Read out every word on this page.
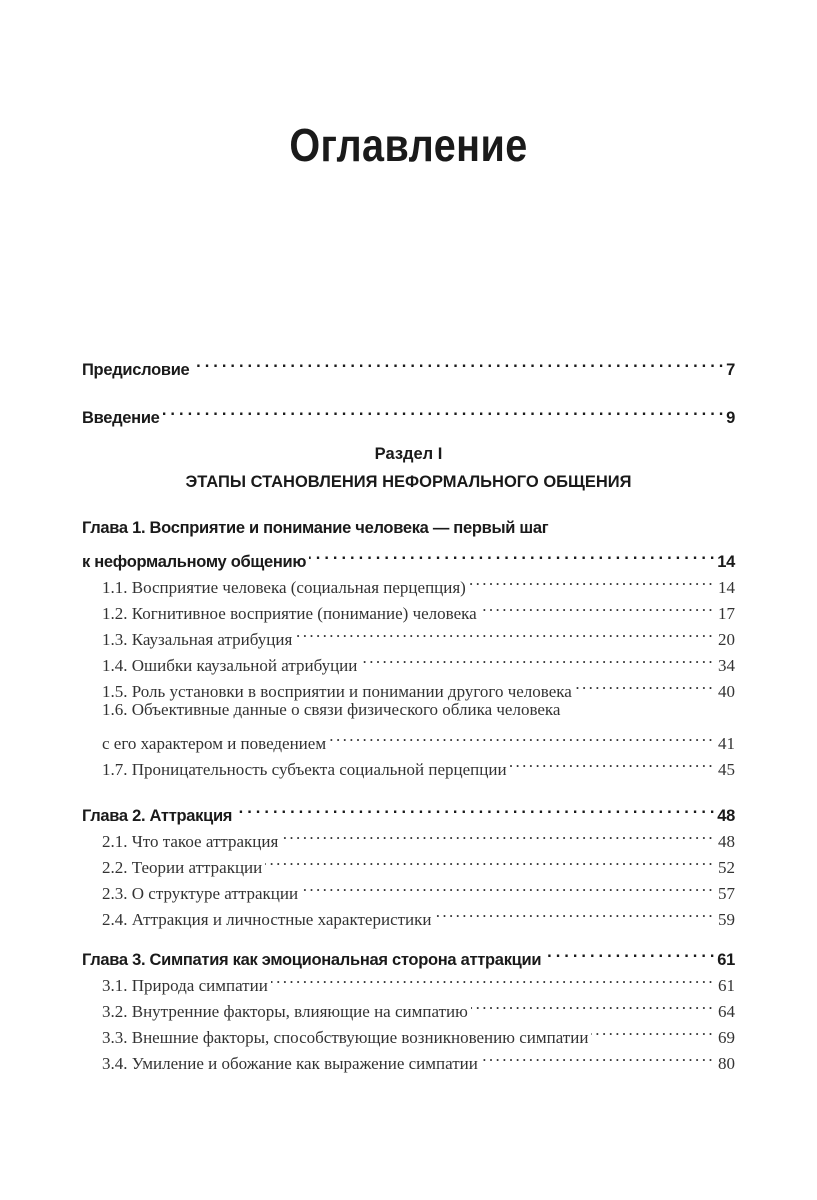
Оглавление
Предисловие . . .	7
Введение . . .	9
Раздел I
ЭТАПЫ СТАНОВЛЕНИЯ НЕФОРМАЛЬНОГО ОБЩЕНИЯ
Глава 1. Восприятие и понимание человека — первый шаг
к неформальному общению . . .	14
1.1. Восприятие человека (социальная перцепция) .....	14
1.2. Когнитивное восприятие (понимание) человека .....	17
1.3. Каузальная атрибуция .....	20
1.4. Ошибки каузальной атрибуции .....	34
1.5. Роль установки в восприятии и понимании другого человека .....	40
1.6. Объективные данные о связи физического облика человека
с его характером и поведением .....	41
1.7. Проницательность субъекта социальной перцепции .....	45
Глава 2. Аттракция . . .	48
2.1. Что такое аттракция .....	48
2.2. Теории аттракции .....	52
2.3. О структуре аттракции .....	57
2.4. Аттракция и личностные характеристики .....	59
Глава 3. Симпатия как эмоциональная сторона аттракции . . .	61
3.1. Природа симпатии .....	61
3.2. Внутренние факторы, влияющие на симпатию .....	64
3.3. Внешние факторы, способствующие возникновению симпатии .....	69
3.4. Умиление и обожание как выражение симпатии .....	80
